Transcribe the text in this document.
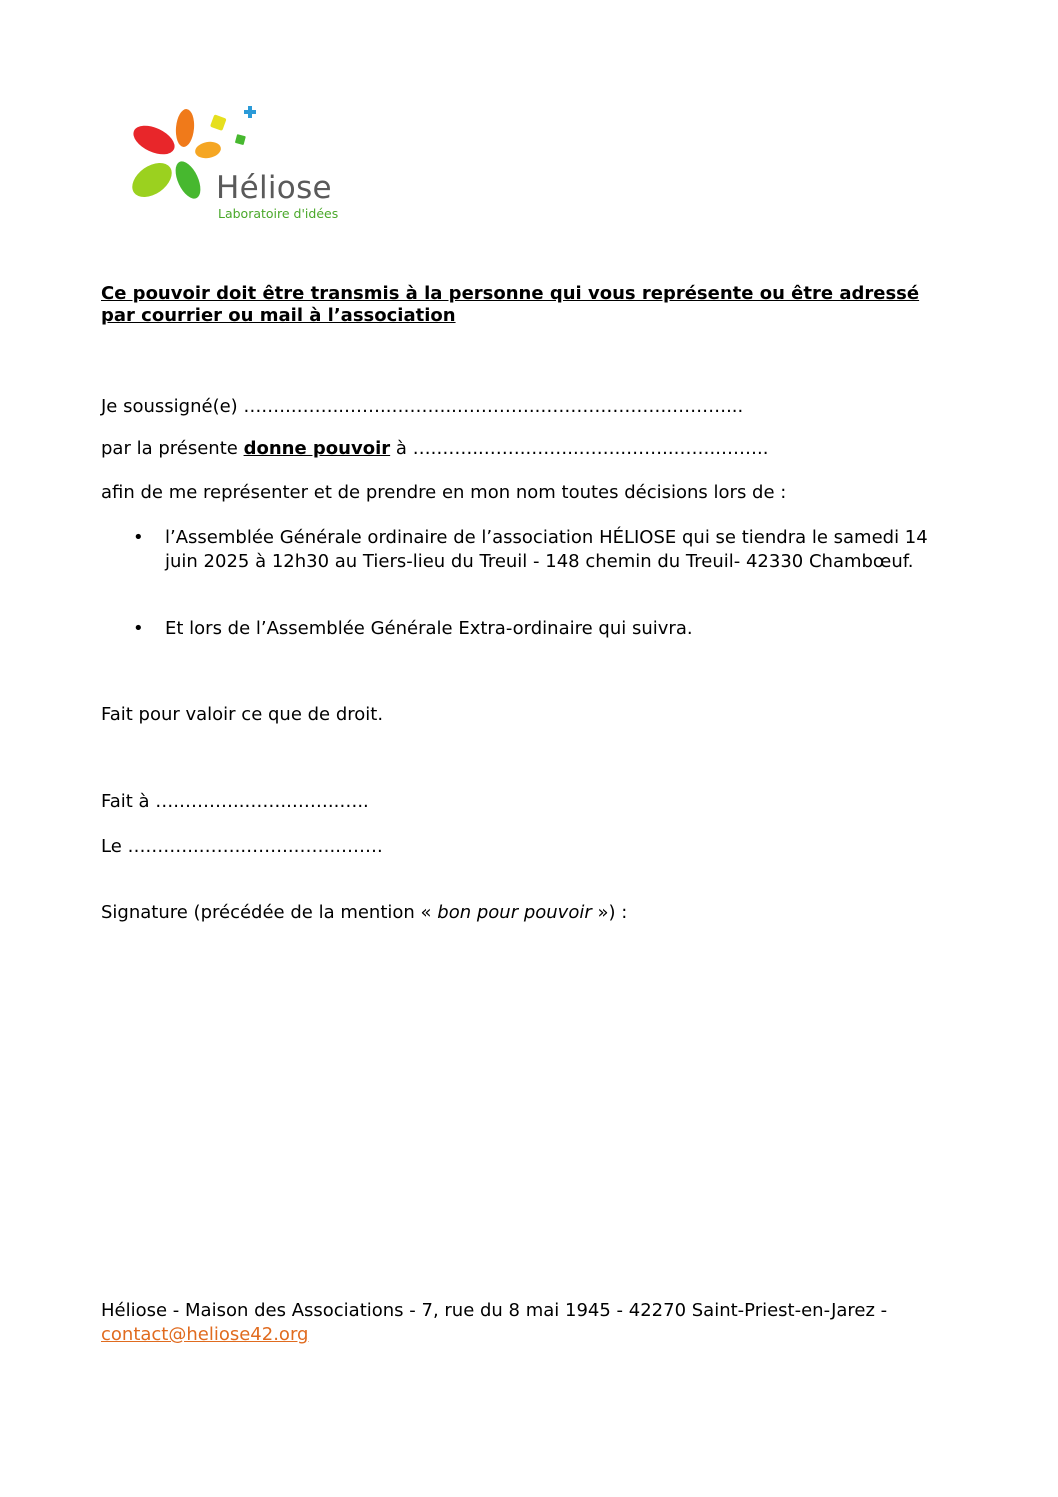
Héliose
Laboratoire d'idées
Ce pouvoir doit être transmis à la personne qui vous représente ou être adressé par courrier ou mail à l’association
Je soussigné(e) ….…..……..……..………..…………..………………….………...
par la présente donne pouvoir à ….……..……..……..……..……..……..……..
afin de me représenter et de prendre en mon nom toutes décisions lors de :
• l’Assemblée Générale ordinaire de l’association HÉLIOSE qui se tiendra le samedi 14 juin 2025 à 12h30 au Tiers-lieu du Treuil - 148 chemin du Treuil- 42330 Chambœuf.
• Et lors de l’Assemblée Générale Extra-ordinaire qui suivra.
Fait pour valoir ce que de droit.
Fait à ….………..……..……..…..
Le ….……..……..……..……..…….
Signature (précédée de la mention « bon pour pouvoir ») :
Héliose - Maison des Associations - 7, rue du 8 mai 1945 - 42270 Saint-Priest-en-Jarez -
contact@heliose42.org
